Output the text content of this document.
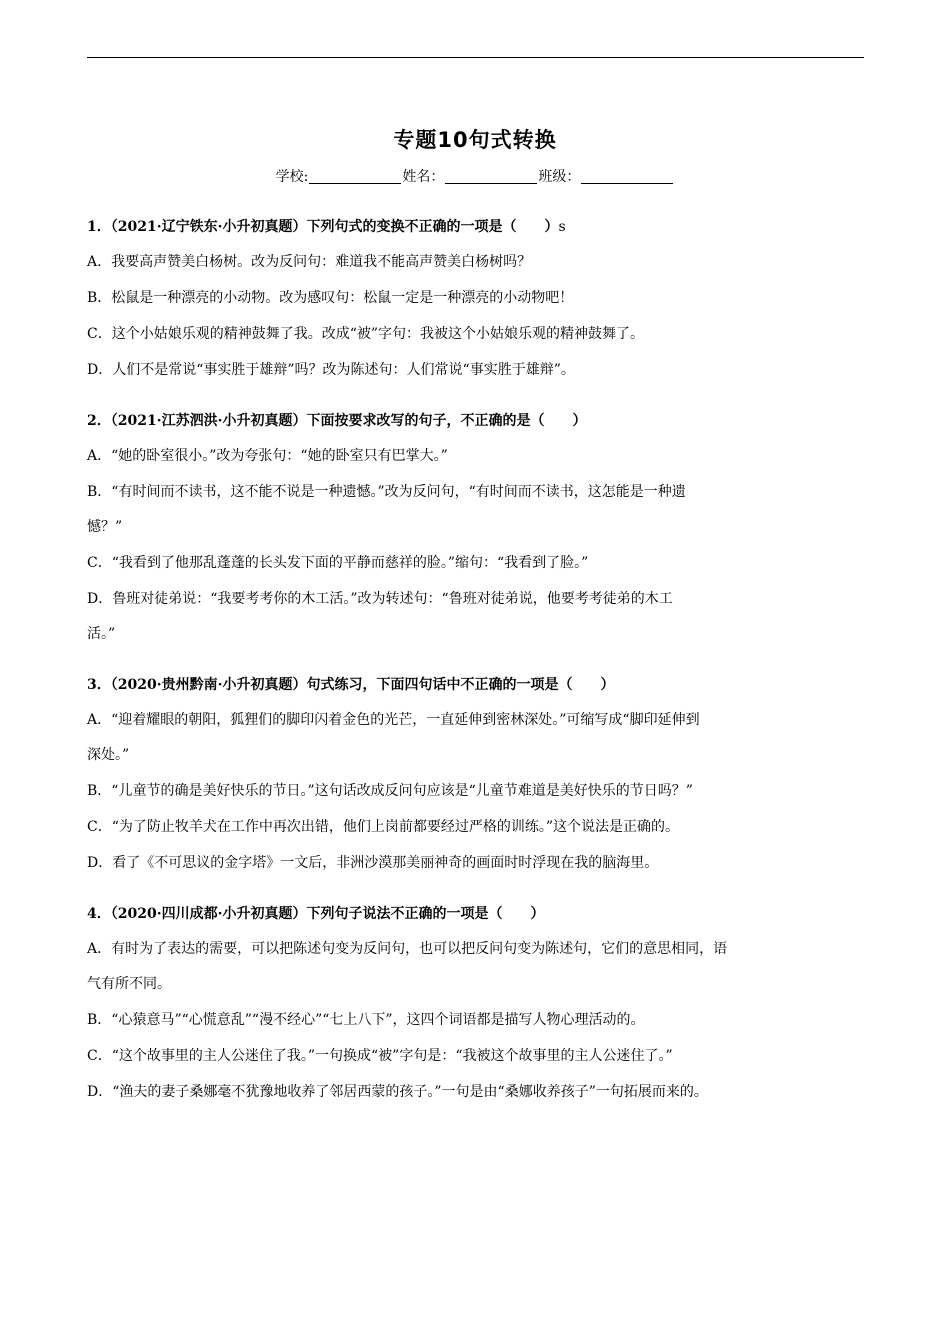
专题10句式转换
学校:	姓名：	班级：
1．（2021·辽宁铁东·小升初真题）下列句式的变换不正确的一项是（　　）s
A．我要高声赞美白杨树。改为反问句：难道我不能高声赞美白杨树吗？
B．松鼠是一种漂亮的小动物。改为感叹句：松鼠一定是一种漂亮的小动物吧！
C．这个小姑娘乐观的精神鼓舞了我。改成“被”字句：我被这个小姑娘乐观的精神鼓舞了。
D．人们不是常说“事实胜于雄辩”吗？改为陈述句：人们常说“事实胜于雄辩”。
2．（2021·江苏泗洪·小升初真题）下面按要求改写的句子，不正确的是（　　）
A．“她的卧室很小。”改为夸张句：“她的卧室只有巴掌大。”
B．“有时间而不读书，这不能不说是一种遗憾。”改为反问句，“有时间而不读书，这怎能是一种遗
憾？”
C．“我看到了他那乱蓬蓬的长头发下面的平静而慈祥的脸。”缩句：“我看到了脸。”
D．鲁班对徒弟说：“我要考考你的木工活。”改为转述句：“鲁班对徒弟说，他要考考徒弟的木工
活。”
3．（2020·贵州黔南·小升初真题）句式练习，下面四句话中不正确的一项是（　　）
A．“迎着耀眼的朝阳，狐狸们的脚印闪着金色的光芒，一直延伸到密林深处。”可缩写成“脚印延伸到
深处。”
B．“儿童节的确是美好快乐的节日。”这句话改成反问句应该是“儿童节难道是美好快乐的节日吗？”
C．“为了防止牧羊犬在工作中再次出错，他们上岗前都要经过严格的训练。”这个说法是正确的。
D．看了《不可思议的金字塔》一文后，非洲沙漠那美丽神奇的画面时时浮现在我的脑海里。
4．（2020·四川成都·小升初真题）下列句子说法不正确的一项是（　　）
A．有时为了表达的需要，可以把陈述句变为反问句，也可以把反问句变为陈述句，它们的意思相同，语
气有所不同。
B．“心猿意马”“心慌意乱”“漫不经心”“七上八下”，这四个词语都是描写人物心理活动的。
C．“这个故事里的主人公迷住了我。”一句换成“被”字句是：“我被这个故事里的主人公迷住了。”
D．“渔夫的妻子桑娜毫不犹豫地收养了邻居西蒙的孩子。”一句是由“桑娜收养孩子”一句拓展而来的。
